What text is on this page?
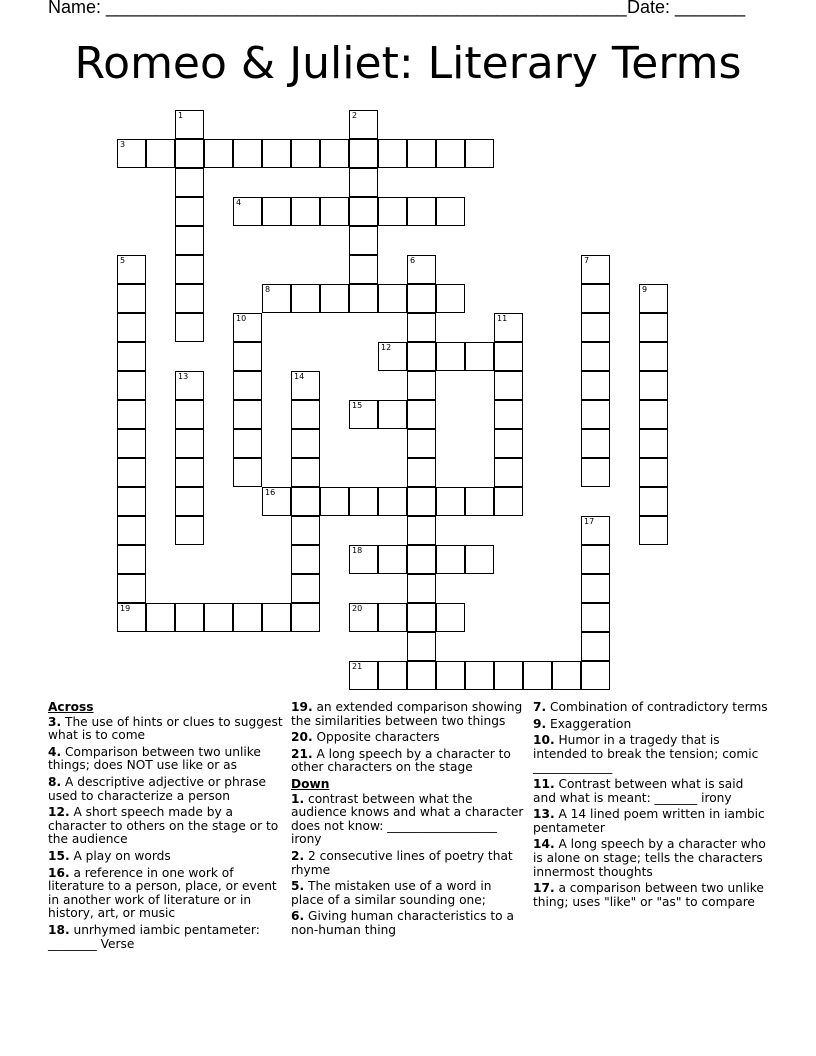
Name: ____________________________________________________ Date: _______
Romeo & Juliet: Literary Terms
1	2
3
4
5	6	7
8	9
10	11
12
13	14
15
16
17
18
19	20
21
Across
3. The use of hints or clues to suggest what is to come
4. Comparison between two unlike things; does NOT use like or as
8. A descriptive adjective or phrase used to characterize a person
12. A short speech made by a character to others on the stage or to the audience
15. A play on words
16. a reference in one work of literature to a person, place, or event in another work of literature or in history, art, or music
18. unrhymed iambic pentameter: ________ Verse
19. an extended comparison showing the similarities between two things
20. Opposite characters
21. A long speech by a character to other characters on the stage
Down
1. contrast between what the audience knows and what a character does not know: __________________ irony
2. 2 consecutive lines of poetry that rhyme
5. The mistaken use of a word in place of a similar sounding one;
6. Giving human characteristics to a non-human thing
7. Combination of contradictory terms
9. Exaggeration
10. Humor in a tragedy that is intended to break the tension; comic _____________
11. Contrast between what is said and what is meant: _______ irony
13. A 14 lined poem written in iambic pentameter
14. A long speech by a character who is alone on stage; tells the characters innermost thoughts
17. a comparison between two unlike thing; uses "like" or "as" to compare
